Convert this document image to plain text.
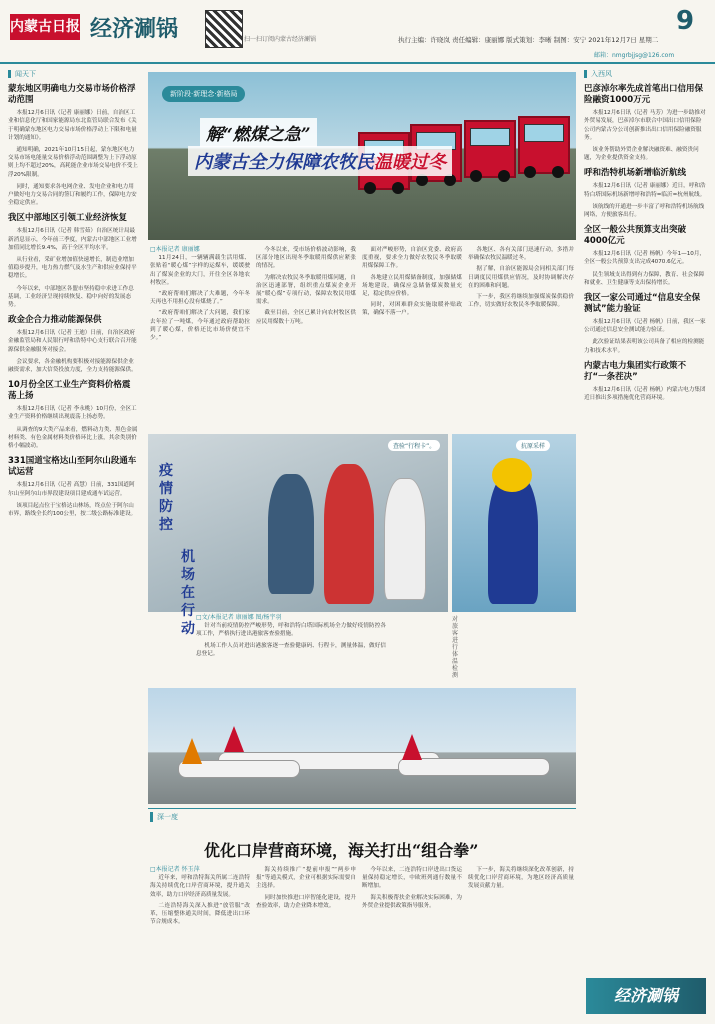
内蒙古日报 经济涮锅	扫一扫订阅内蒙古经济涮锅	执行主编：许晓岚 责任编辑：康丽娜 版式策划：李晰 制图：安宁 2021年12月7日 星期二
邮箱：nmgrbjjsg@126.com
9
闻天下
蒙东地区明确电力交易市场价格浮动范围

本报12月6日讯（记者 康丽娜）日前，自治区工业和信息化厅和国家能源局东北监管局联合发布《关于明确蒙东地区电力交易市场价格浮动上下限和电量计划的通知》。

通知明确，2021年10月15日起，蒙东地区电力交易市场电能量交易价格浮动范围调整为上下浮动原则上均不超过20%，高耗能企业市场交易电价不受上浮20%限制。

同时，通知要求各电网企业、发电企业和电力用户做好电力交易合同的签订和履约工作，保障电力安全稳定供应。

我区中部地区引领工业经济恢复

本报12月6日讯（记者 韩雪茹）自治区统计局最新消息显示，今年前三季度，内蒙古中部地区工业增加值同比增长9.4%，高于全区平均水平。

从行业看，采矿业增加值快速增长，制造业增加值稳步提升，电力热力燃气及水生产和供应业保持平稳增长。

今年以来，中部地区各盟市坚持稳中求进工作总基调，工业经济呈现持续恢复、稳中向好的发展态势。

政金企合力推动能源保供

本报12月6日讯（记者 王迪）日前，自治区政府金融监管局和人民银行呼和浩特中心支行联合召开能源保供金融服务对接会。

会议要求，各金融机构要积极对接能源保供企业融资需求，加大信贷投放力度，全力支持能源保供。

10月份全区工业生产资料价格震荡上扬

本报12月6日讯（记者 李永桃）10月份，全区工业生产资料价格继续出现震荡上扬态势。

从调查的9大类产品来看，燃料动力类、黑色金属材料类、有色金属材料类价格环比上涨，其余类别价格小幅波动。

331国道宝格达山至阿尔山段通车试运营

本报12月6日讯（记者 高慧）日前，331国道阿尔山至阿尔山市界段建设项目建成通车试运营。

该项目起点位于宝格达山林场，终点位于阿尔山市界，路线全长约100公里，按二级公路标准建设。

新阶段·新理念·新格局
解“燃煤之急”
内蒙古全力保障农牧民温暖过冬
□本报记者 康丽娜

11月24日，一辆辆满载生活用煤、张贴着“暖心煤”字样的运煤车，缓缓驶出了煤炭企业的大门，开往全区各地农村牧区。

“政府帮咱们解决了大难题，今年冬天再也不用担心没有煤烧了。”

“政府帮咱们解决了大问题，我们家去年拉了一吨煤，今年通过政府帮助拉到了暖心煤，价格还比市场价便宜不少。”

今冬以来，受市场价格波动影响，我区部分地区出现冬季取暖用煤供应紧张的情况。

为解决农牧民冬季取暖用煤问题，自治区迅速部署，组织重点煤炭企业开展“暖心煤”专项行动，保障农牧民用煤需求。

截至目前，全区已累计向农村牧区供应民用煤数十万吨。

面对严峻形势，自治区党委、政府高度重视，要求全力做好农牧民冬季取暖用煤保障工作。

各地建立民用煤储备制度，加强储煤场地建设，确保应急储备煤炭数量充足，稳定供应价格。

同时，对困难群众实施取暖补贴政策，确保不落一户。

各地区、各有关部门迅速行动，多措并举确保农牧民温暖过冬。

据了解，自治区能源局会同相关部门每日调度民用煤供应情况，及时协调解决存在的困难和问题。

下一步，我区将继续加强煤炭保供稳价工作，切实做好农牧民冬季取暖保障。

查验“行程卡”。	抗原采样
疫情
防控
机场
在行动
□文/本报记者 康丽娜 图/杨宇羽

针对当前疫情防控严峻形势，呼和浩特白塔国际机场全力做好疫情防控各项工作，严格执行进出港旅客查验措施。

机场工作人员对进出港旅客逐一查验健康码、行程卡，测量体温，做好信息登记。

对旅客进行体温检测
深一度
优化口岸营商环境，海关打出“组合拳”
□本报记者 怀玉萍

近年来，呼和浩特海关所属二连浩特海关持续优化口岸营商环境，提升通关效率，助力口岸经济高质量发展。

二连浩特海关深入推进“放管服”改革，压缩整体通关时间，降低进出口环节合规成本。

海关持续推广“提前申报”“两步申报”等通关模式，企业可根据实际需要自主选择。

同时加快推进口岸智能化建设，提升查验效率，助力企业降本增效。

今年以来，二连浩特口岸进出口货运量保持稳定增长，中欧班列通行数量不断增加。

海关积极帮扶企业解决实际困难，为外贸企业提供政策指导服务。

下一步，海关将继续深化改革创新，持续优化口岸营商环境，为地区经济高质量发展贡献力量。

入西风
巴彦淖尔率先成首笔出口信用保险融资1000万元

本报12月6日讯（记者 马芳）为进一步助推对外贸易发展，巴彦淖尔市联合中国出口信用保险公司内蒙古分公司创新推出出口信用保险融资服务。

该业务帮助外贸企业解决融资难、融资贵问题，为企业提供资金支持。

呼和浩特机场新增临沂航线

本报12月6日讯（记者 康丽娜）近日，呼和浩特白塔国际机场新增呼和浩特=临沂=杭州航线。

该航线的开通进一步丰富了呼和浩特机场航线网络，方便旅客出行。

全区一般公共预算支出突破4000亿元

本报12月6日讯（记者 杨帆）今年1—10月，全区一般公共预算支出完成4070.6亿元。

民生领域支出得到有力保障，教育、社会保障和就业、卫生健康等支出保持增长。

我区一家公司通过“信息安全保测试”能力验证

本报12月6日讯（记者 杨帆）日前，我区一家公司通过信息安全测试能力验证。

此次验证结果表明该公司具备了相应的检测能力和技术水平。

内蒙古电力集团实行政策不打“一条茬决”

本报12月6日讯（记者 杨帆）内蒙古电力集团近日推出多项措施优化营商环境。

经济涮锅
